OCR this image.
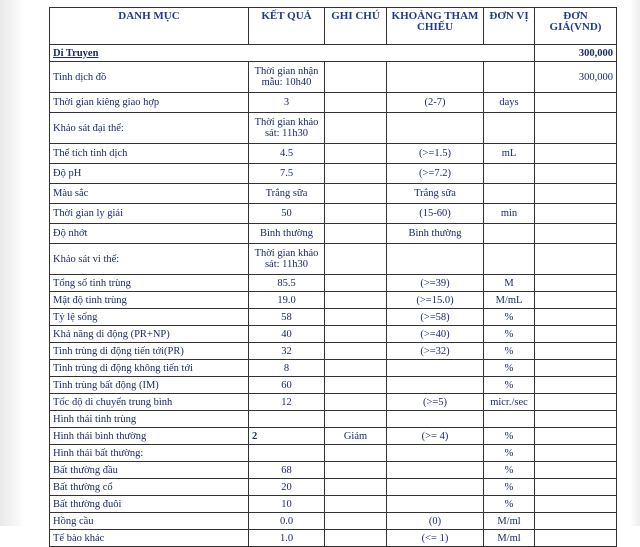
DANH MỤC	KẾT QUẢ	GHI CHÚ	KHOẢNG THAM CHIẾU	ĐƠN VỊ	ĐƠN GIÁ(VND)
Di Truyen					300,000
Tinh dịch đồ	Thời gian nhận mẫu: 10h40				300,000
Thời gian kiêng giao hợp	3		(2-7)	days	
Khảo sát đại thể:	Thời gian khảo sát: 11h30				
Thể tích tinh dịch	4.5		(>=1.5)	mL	
Độ pH	7.5		(>=7.2)		
Màu sắc	Trắng sữa		Trắng sữa		
Thời gian ly giải	50		(15-60)	min	
Độ nhớt	Bình thường		Bình thường		
Khảo sát vi thể:	Thời gian khảo sát: 11h30				
Tổng số tinh trùng	85.5		(>=39)	M	
Mật độ tinh trùng	19.0		(>=15.0)	M/mL	
Tỷ lệ sống	58		(>=58)	%	
Khả năng di động (PR+NP)	40		(>=40)	%	
Tinh trùng di động tiến tới(PR)	32		(>=32)	%	
Tinh trùng di động không tiến tới	8			%	
Tinh trùng bất động (IM)	60			%	
Tốc độ di chuyển trung bình	12		(>=5)	micr./sec	
Hình thái tinh trùng					
Hình thái bình thường	2	Giảm	(>= 4)	%	
Hình thái bất thường:				%	
Bất thường đầu	68			%	
Bất thường cổ	20			%	
Bất thường đuôi	10			%	
Hồng cầu	0.0		(0)	M/ml	
Tế bào khác	1.0		(<= 1)	M/ml	
